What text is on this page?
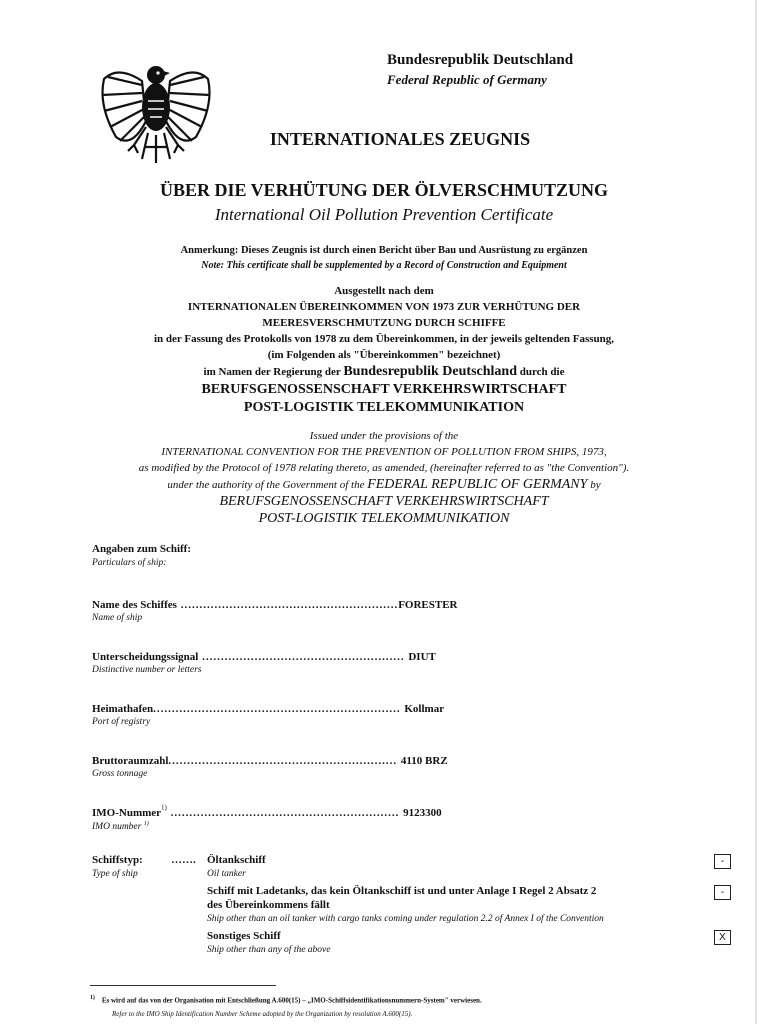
Bundesrepublik Deutschland
Federal Republic of Germany
INTERNATIONALES ZEUGNIS
ÜBER DIE VERHÜTUNG DER ÖLVERSCHMUTZUNG
International Oil Pollution Prevention Certificate
Anmerkung: Dieses Zeugnis ist durch einen Bericht über Bau und Ausrüstung zu ergänzen
Note: This certificate shall be supplemented by a Record of Construction and Equipment
Ausgestellt nach dem
INTERNATIONALEN ÜBEREINKOMMEN VON 1973 ZUR VERHÜTUNG DER
MEERESVERSCHMUTZUNG DURCH SCHIFFE
in der Fassung des Protokolls von 1978 zu dem Übereinkommen, in der jeweils geltenden Fassung,
(im Folgenden als "Übereinkommen" bezeichnet)
im Namen der Regierung der Bundesrepublik Deutschland durch die
BERUFSGENOSSENSCHAFT VERKEHRSWIRTSCHAFT
POST-LOGISTIK TELEKOMMUNIKATION
Issued under the provisions of the
INTERNATIONAL CONVENTION FOR THE PREVENTION OF POLLUTION FROM SHIPS, 1973,
as modified by the Protocol of 1978 relating thereto, as amended, (hereinafter referred to as "the Convention").
under the authority of the Government of the FEDERAL REPUBLIC OF GERMANY by
BERUFSGENOSSENSCHAFT VERKEHRSWIRTSCHAFT
POST-LOGISTIK TELEKOMMUNIKATION
Angaben zum Schiff:
Particulars of ship:
Name des Schiffes ..........................................................FORESTER
Name of ship
Unterscheidungssignal ...................................................... DIUT
Distinctive number or letters
Heimathafen.................................................................. Kollmar
Port of registry
Bruttoraumzahl............................................................. 4110 BRZ
Gross tonnage
IMO-Nummer$^{1)}$ ............................................................. 9123300
IMO number $^{1)}$
Schiffstyp:
Type of ship
……. Öltankschiff
Oil tanker
-
Schiff mit Ladetanks, das kein Öltankschiff ist und unter Anlage I Regel 2 Absatz 2
des Übereinkommens fällt
Ship other than an oil tanker with cargo tanks coming under regulation 2.2 of Annex I of the Convention
-
Sonstiges Schiff
Ship other than any of the above
X
$^{1)}$ Es wird auf das von der Organisation mit Entschließung A.600(15) – „IMO-Schiffsidentifikationsnummern-System" verwiesen.
Refer to the IMO Ship Identification Number Scheme adopted by the Organization by resolution A.600(15).
